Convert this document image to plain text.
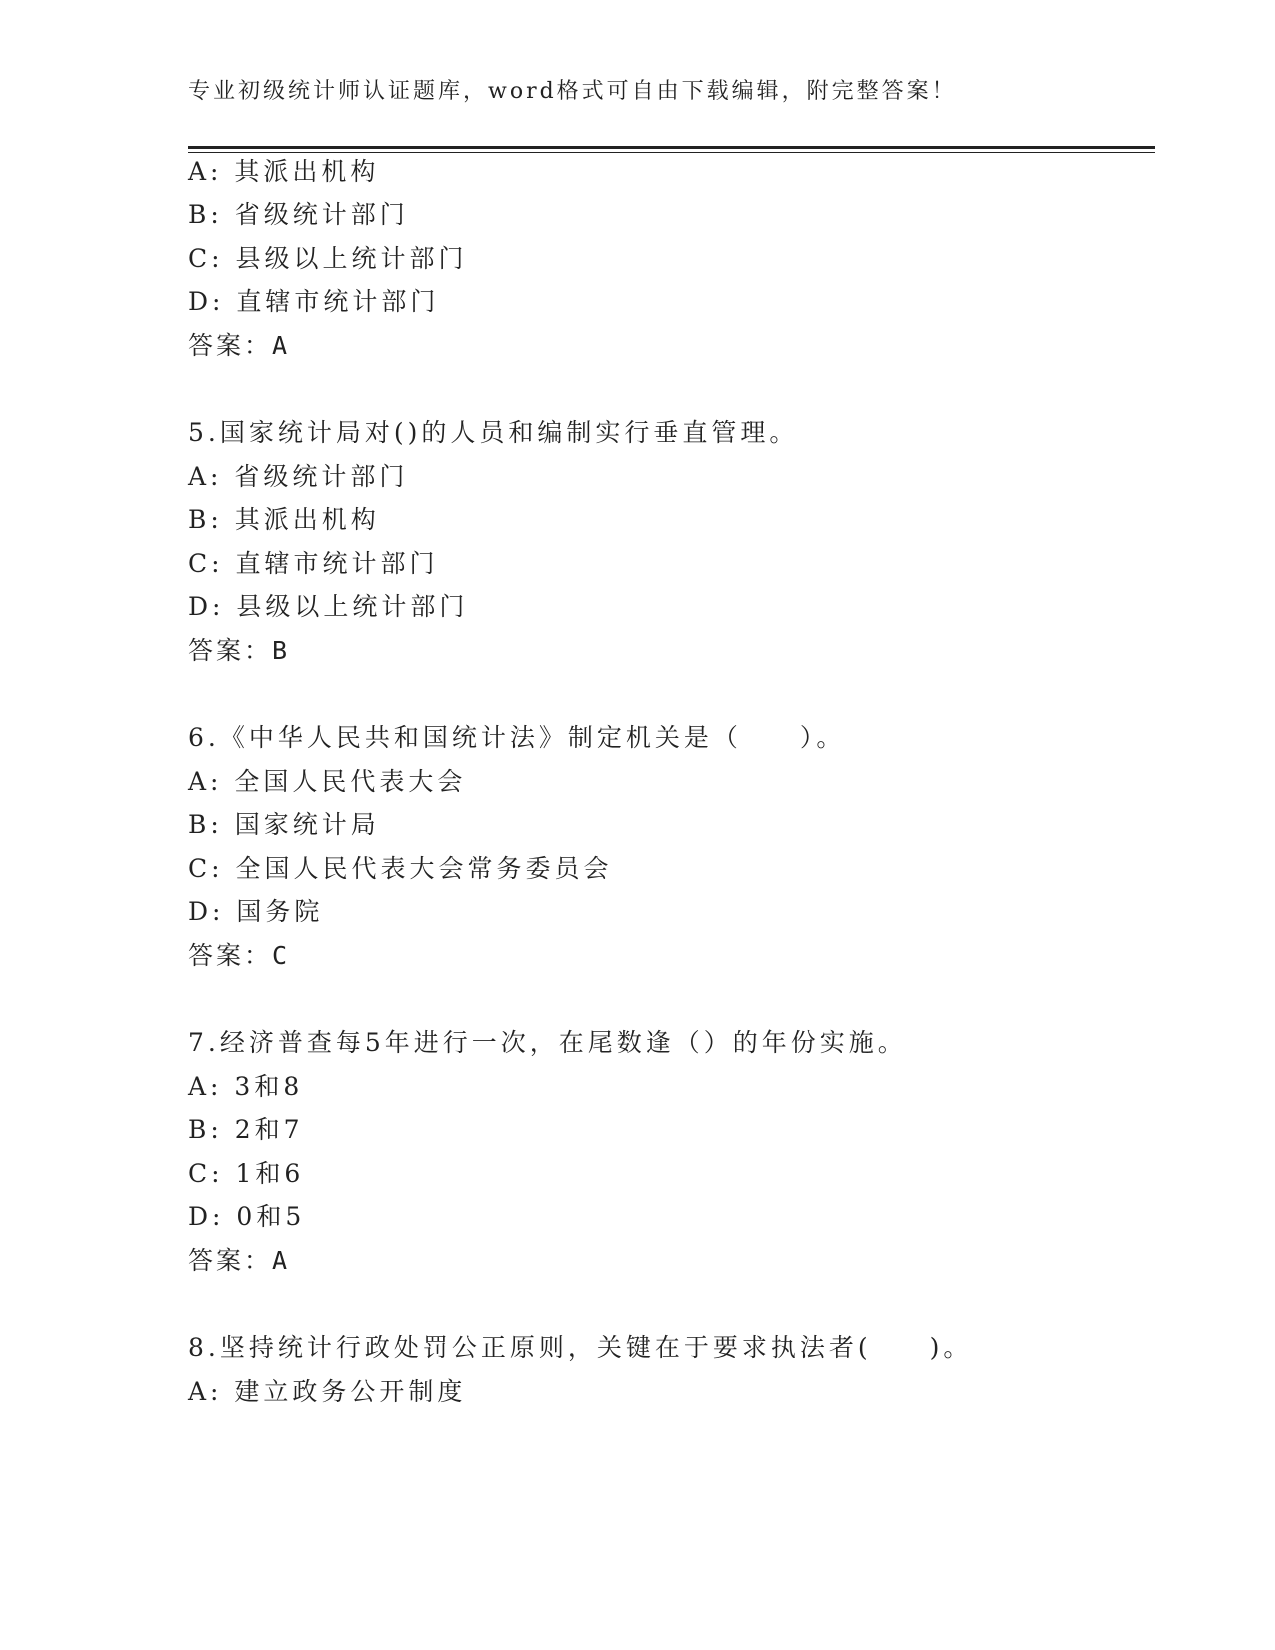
专业初级统计师认证题库，word格式可自由下载编辑，附完整答案！
A: 其派出机构
B: 省级统计部门
C: 县级以上统计部门
D: 直辖市统计部门
答案：A
5.国家统计局对()的人员和编制实行垂直管理。
A: 省级统计部门
B: 其派出机构
C: 直辖市统计部门
D: 县级以上统计部门
答案：B
6.《中华人民共和国统计法》制定机关是（　　）。
A: 全国人民代表大会
B: 国家统计局
C: 全国人民代表大会常务委员会
D: 国务院
答案：C
7.经济普查每5年进行一次，在尾数逢（）的年份实施。
A: 3和8
B: 2和7
C: 1和6
D: 0和5
答案：A
8.坚持统计行政处罚公正原则，关键在于要求执法者(　　)。
A: 建立政务公开制度
